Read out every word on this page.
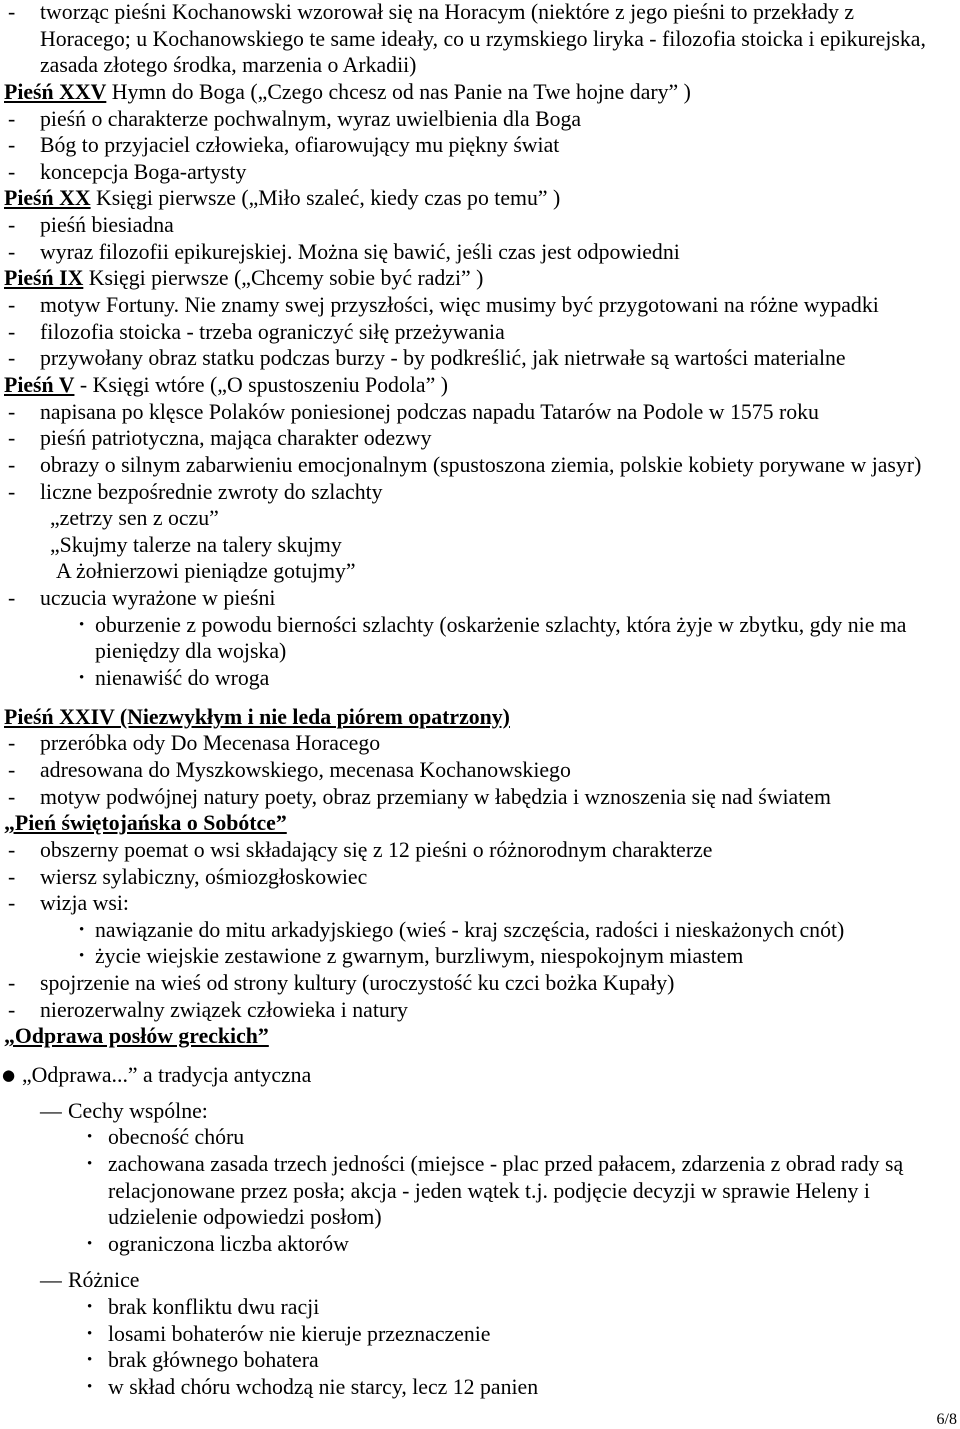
- tworząc pieśni Kochanowski wzorował się na Horacym (niektóre z jego pieśni to przekłady z
Horacego; u Kochanowskiego te same ideały, co u rzymskiego liryka - filozofia stoicka i epikurejska,
zasada złotego środka, marzenia o Arkadii)
Pieśń XXV Hymn do Boga („Czego chcesz od nas Panie na Twe hojne dary” )
- pieśń o charakterze pochwalnym, wyraz uwielbienia dla Boga
- Bóg to przyjaciel człowieka, ofiarowujący mu piękny świat
- koncepcja Boga-artysty
Pieśń XX Księgi pierwsze („Miło szaleć, kiedy czas po temu” )
- pieśń biesiadna
- wyraz filozofii epikurejskiej. Można się bawić, jeśli czas jest odpowiedni
Pieśń IX Księgi pierwsze („Chcemy sobie być radzi” )
- motyw Fortuny. Nie znamy swej przyszłości, więc musimy być przygotowani na różne wypadki
- filozofia stoicka - trzeba ograniczyć siłę przeżywania
- przywołany obraz statku podczas burzy - by podkreślić, jak nietrwałe są wartości materialne
Pieśń V - Księgi wtóre („O spustoszeniu Podola” )
- napisana po klęsce Polaków poniesionej podczas napadu Tatarów na Podole w 1575 roku
- pieśń patriotyczna, mająca charakter odezwy
- obrazy o silnym zabarwieniu emocjonalnym (spustoszona ziemia, polskie kobiety porywane w jasyr)
- liczne bezpośrednie zwroty do szlachty
„zetrzy sen z oczu”
„Skujmy talerze na talery skujmy
A żołnierzowi pieniądze gotujmy”
- uczucia wyrażone w pieśni
• oburzenie z powodu bierności szlachty (oskarżenie szlachty, która żyje w zbytku, gdy nie ma
pieniędzy dla wojska)
• nienawiść do wroga
Pieśń XXIV (Niezwykłym i nie leda piórem opatrzony)
- przeróbka ody Do Mecenasa Horacego
- adresowana do Myszkowskiego, mecenasa Kochanowskiego
- motyw podwójnej natury poety, obraz przemiany w łabędzia i wznoszenia się nad światem
„Pień świętojańska o Sobótce”
- obszerny poemat o wsi składający się z 12 pieśni o różnorodnym charakterze
- wiersz sylabiczny, ośmiozgłoskowiec
- wizja wsi:
• nawiązanie do mitu arkadyjskiego (wieś - kraj szczęścia, radości i nieskażonych cnót)
• życie wiejskie zestawione z gwarnym, burzliwym, niespokojnym miastem
- spojrzenie na wieś od strony kultury (uroczystość ku czci bożka Kupały)
- nierozerwalny związek człowieka i natury
„Odprawa posłów greckich”
● „Odprawa...” a tradycja antyczna
— Cechy wspólne:
• obecność chóru
• zachowana zasada trzech jedności (miejsce - plac przed pałacem, zdarzenia z obrad rady są
relacjonowane przez posła; akcja - jeden wątek t.j. podjęcie decyzji w sprawie Heleny i
udzielenie odpowiedzi posłom)
• ograniczona liczba aktorów
— Różnice
• brak konfliktu dwu racji
• losami bohaterów nie kieruje przeznaczenie
• brak głównego bohatera
• w skład chóru wchodzą nie starcy, lecz 12 panien
6/8
